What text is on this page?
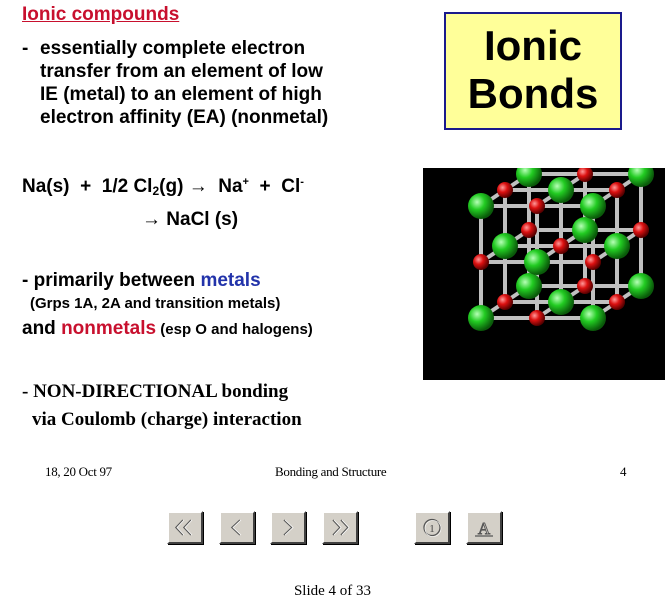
Ionic compounds
- essentially complete electron
transfer from an element of low
IE (metal) to an element of high
electron affinity (EA) (nonmetal)
Ionic
Bonds
Na(s) + 1/2 $Cl_2(g) \to Na^+ + Cl^-$
→ NaCl (s)
- primarily between metals
(Grps 1A, 2A and transition metals)
and nonmetals (esp O and halogens)
- NON-DIRECTIONAL bonding
via Coulomb (charge) interaction
18, 20 Oct 97	Bonding and Structure	4
1	A
Slide 4 of 33
